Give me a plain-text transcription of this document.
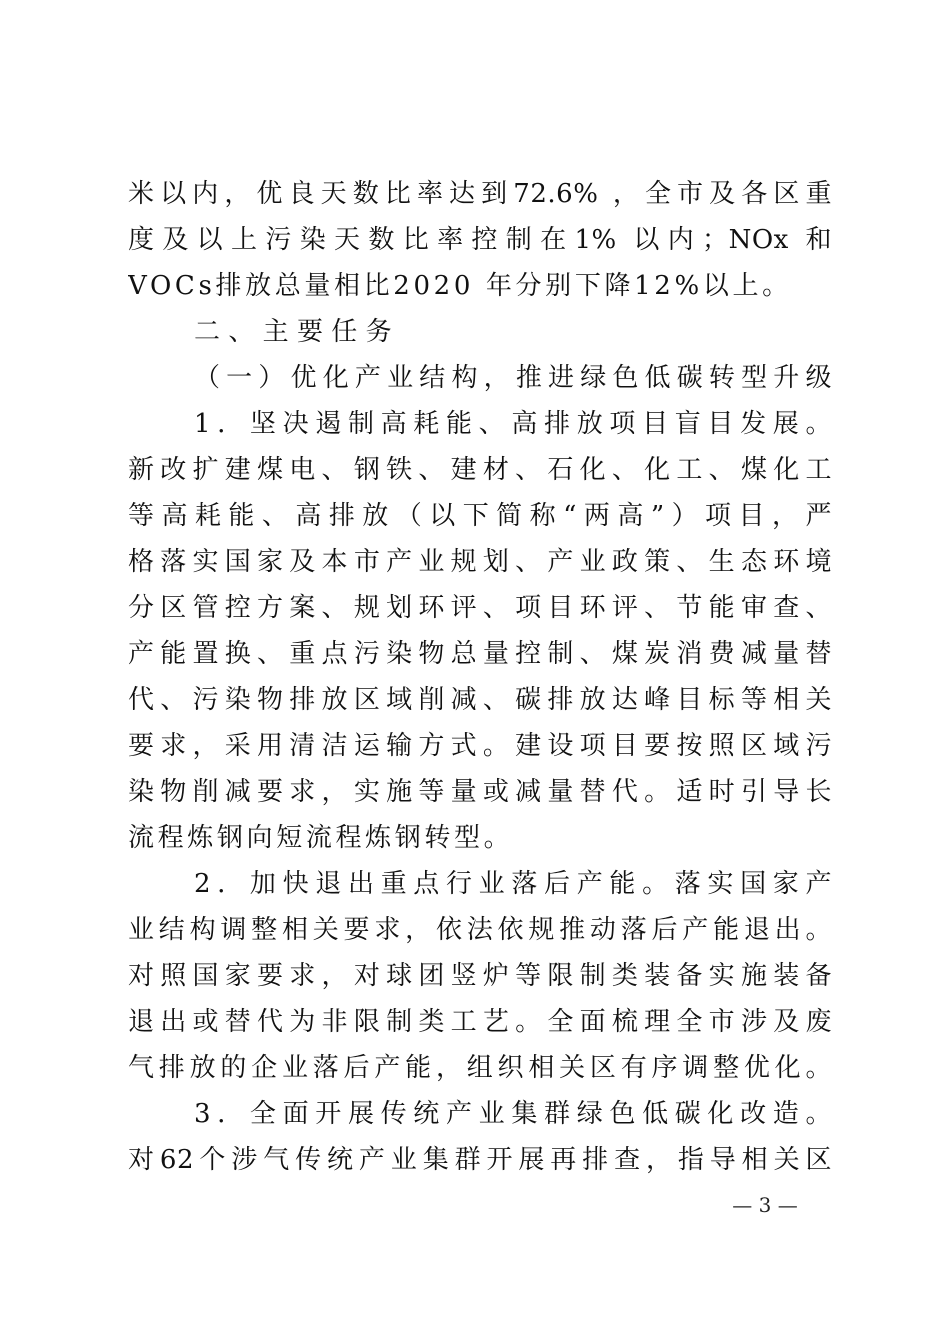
米以内，优良天数比率达到72.6% ，全市及各区重
度及以上污染天数比率控制在1% 以内；NOx 和
VOCs排放总量相比2020 年分别下降12%以上。
二、主要任务
（一）优化产业结构，推进绿色低碳转型升级
1．坚决遏制高耗能、高排放项目盲目发展。
新改扩建煤电、钢铁、建材、石化、化工、煤化工
等高耗能、高排放（以下简称“两高”）项目，严
格落实国家及本市产业规划、产业政策、生态环境
分区管控方案、规划环评、项目环评、节能审查、
产能置换、重点污染物总量控制、煤炭消费减量替
代、污染物排放区域削减、碳排放达峰目标等相关
要求，采用清洁运输方式。建设项目要按照区域污
染物削减要求，实施等量或减量替代。适时引导长
流程炼钢向短流程炼钢转型。
2．加快退出重点行业落后产能。落实国家产
业结构调整相关要求，依法依规推动落后产能退出。
对照国家要求，对球团竖炉等限制类装备实施装备
退出或替代为非限制类工艺。全面梳理全市涉及废
气排放的企业落后产能，组织相关区有序调整优化。
3．全面开展传统产业集群绿色低碳化改造。
对62个涉气传统产业集群开展再排查，指导相关区
— 3 —
